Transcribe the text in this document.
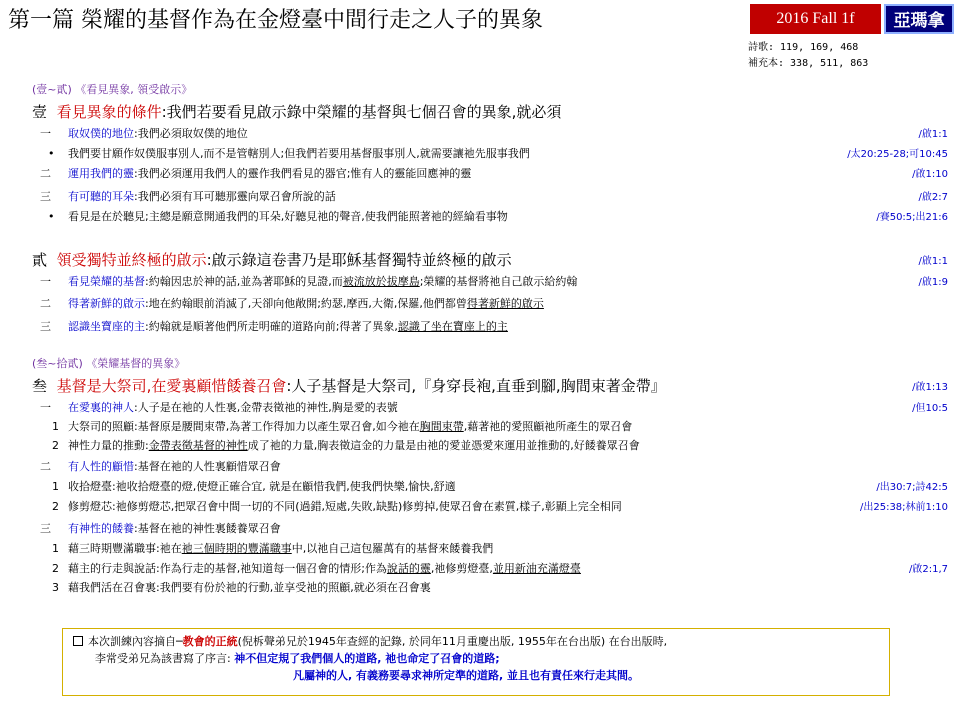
第一篇 榮耀的基督作為在金燈臺中間行走之人子的異象	2016 Fall 1f	亞瑪拿
詩歌: 119, 169, 468
補充本: 338, 511, 863
(壹~貳) 《看見異象, 領受啟示》
壹 看見異象的條件:我們若要看見啟示錄中榮耀的基督與七個召會的異象,就必須
一 取奴僕的地位:我們必須取奴僕的地位	/啟1:1
• 我們要甘願作奴僕服事別人,而不是管轄別人;但我們若要用基督服事別人,就需要讓祂先服事我們	/太20:25-28;可10:45
二 運用我們的靈:我們必須運用我們人的靈作我們看見的器官;惟有人的靈能回應神的靈	/啟1:10
三 有可聽的耳朵:我們必須有耳可聽那靈向眾召會所說的話	/啟2:7
• 看見是在於聽見;主總是願意開通我們的耳朵,好聽見祂的聲音,使我們能照著祂的經綸看事物	/賽50:5;出21:6
貳 領受獨特並終極的啟示:啟示錄這卷書乃是耶穌基督獨特並終極的啟示	/啟1:1
一 看見榮耀的基督:約翰因忠於神的話,並為著耶穌的見證,而被流放於拔摩島;榮耀的基督將祂自己啟示給約翰	/啟1:9
二 得著新鮮的啟示:地在約翰眼前消滅了,天卻向他敞開;約瑟,摩西,大衛,保羅,他們都曾得著新鮮的啟示
三 認識坐寶座的主:約翰就是順著他們所走明確的道路向前;得著了異象,認識了坐在寶座上的主
(叁~拾貳) 《榮耀基督的異象》
叁 基督是大祭司,在愛裏顧惜餧養召會:人子基督是大祭司,『身穿長袍,直垂到腳,胸間束著金帶』	/啟1:13
一 在愛裏的神人:人子是在祂的人性裏,金帶表徵祂的神性,胸是愛的表號	/但10:5
1 大祭司的照顧:基督原是腰間束帶,為著工作得加力以產生眾召會,如今祂在胸間束帶,藉著祂的愛照顧祂所產生的眾召會
2 神性力量的推動:金帶表徵基督的神性成了祂的力量,胸表徵這金的力量是由祂的愛並憑愛來運用並推動的,好餧養眾召會
二 有人性的顧惜:基督在祂的人性裏顧惜眾召會
1 收拾燈臺:祂收拾燈臺的燈,使燈正確合宜, 就是在顧惜我們,使我們快樂,愉快,舒適	/出30:7;詩42:5
2 修剪燈芯:祂修剪燈芯,把眾召會中間一切的不同(過錯,短處,失敗,缺點)修剪掉,使眾召會在素質,樣子,彰顯上完全相同	/出25:38;林前1:10
三 有神性的餧養:基督在祂的神性裏餧養眾召會
1 藉三時期豐滿職事:祂在祂三個時期的豐滿職事中,以祂自己這包羅萬有的基督來餧養我們
2 藉主的行走與說話:作為行走的基督,祂知道每一個召會的情形;作為說話的靈,祂修剪燈臺,並用新油充滿燈臺	/啟2:1,7
3 藉我們活在召會裏:我們要有份於祂的行動,並享受祂的照顧,就必須在召會裏
本次訓練內容摘自─教會的正統(倪柝聲弟兄於1945年查經的記錄, 於同年11月重慶出版, 1955年在台出版) 在台出版時,
李常受弟兄為該書寫了序言: 神不但定規了我們個人的道路, 祂也命定了召會的道路;
凡屬神的人, 有義務要尋求神所定準的道路, 並且也有責任來行走其間。
